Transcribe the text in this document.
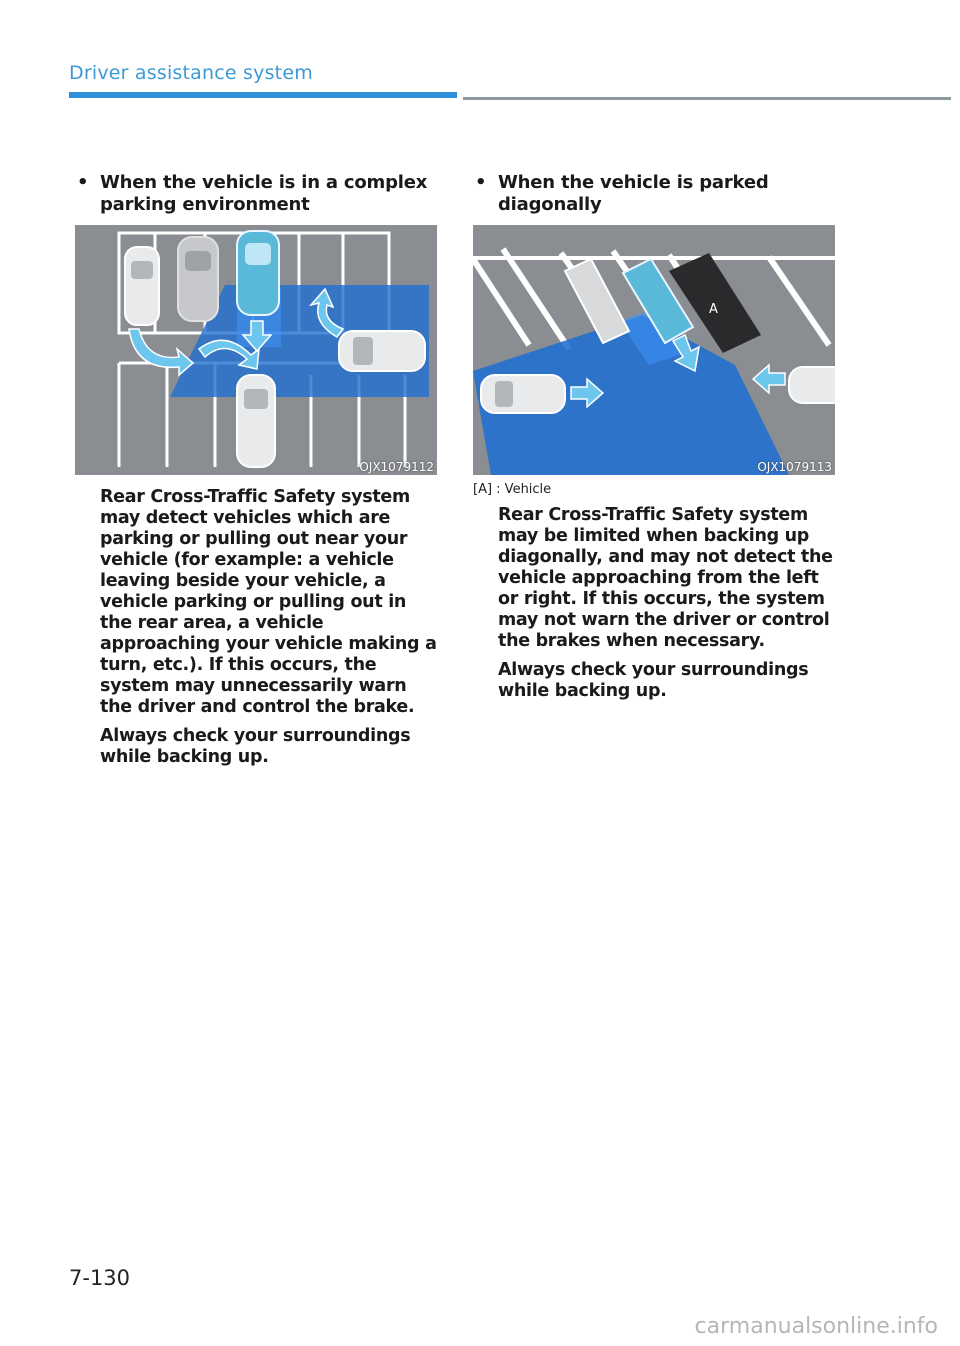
Driver assistance system
• When the vehicle is in a complex parking environment
OJX1079112
Rear Cross-Traffic Safety system may detect vehicles which are parking or pulling out near your vehicle (for example: a vehicle leaving beside your vehicle, a vehicle parking or pulling out in the rear area, a vehicle approaching your vehicle making a turn, etc.). If this occurs, the system may unnecessarily warn the driver and control the brake.
Always check your surroundings while backing up.
• When the vehicle is parked diagonally
A
OJX1079113
[A] : Vehicle
Rear Cross-Traffic Safety system may be limited when backing up diagonally, and may not detect the vehicle approaching from the left or right. If this occurs, the system may not warn the driver or control the brakes when necessary.
Always check your surroundings while backing up.
7-130
carmanualsonline.info
